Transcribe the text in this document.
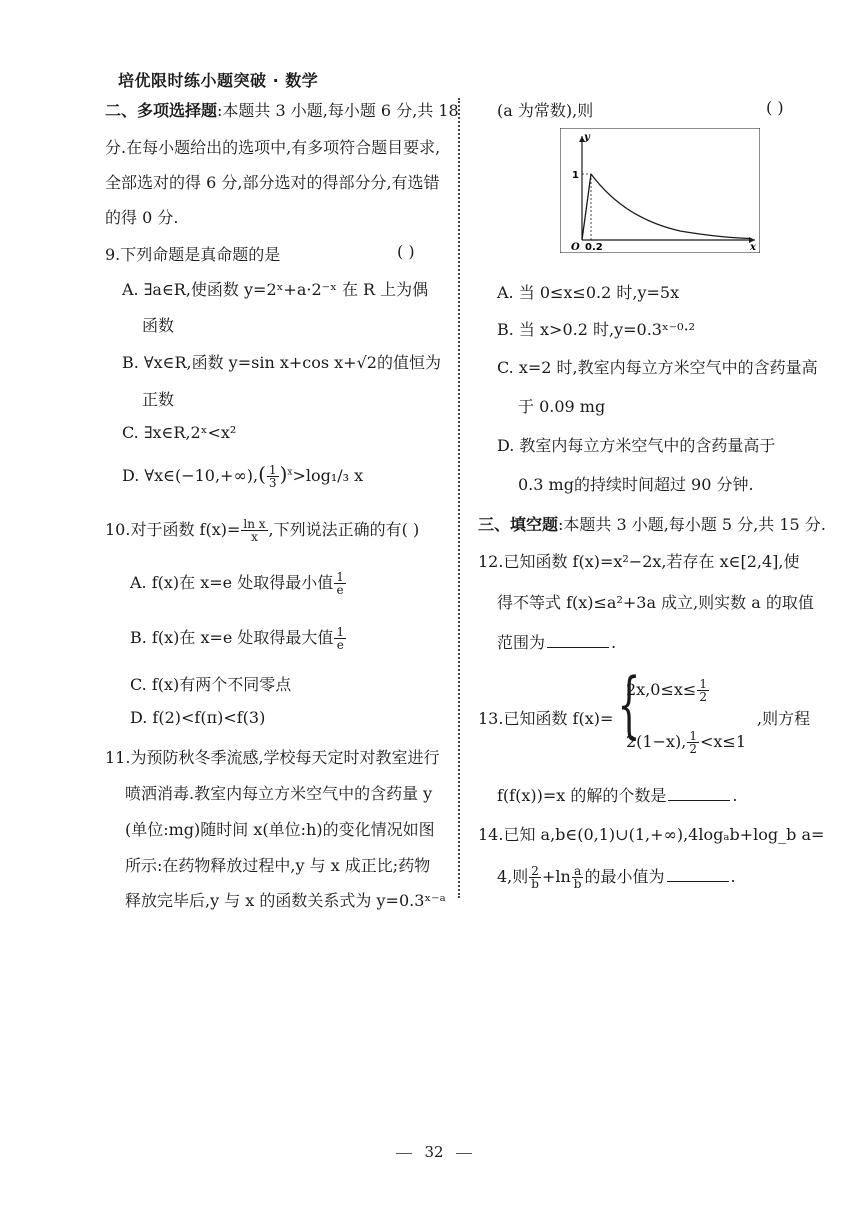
培优限时练小题突破 · 数学
二、多项选择题:本题共 3 小题,每小题 6 分,共 18
分.在每小题给出的选项中,有多项符合题目要求,
全部选对的得 6 分,部分选对的得部分分,有选错
的得 0 分.
9.下列命题是真命题的是	( )
A. ∃a∈R,使函数 y=2ˣ+a·2⁻ˣ 在 R 上为偶
函数
B. ∀x∈R,函数 y=sin x+cos x+√2的值恒为
正数
C. ∃x∈R,2ˣ<x²
D. ∀x∈(−10,+∞),( $\frac{1}{3} )^x>\log_1/_3$ x
10.对于函数 $f(x)= \frac{\text{ln x}}{x}$ ,下列说法正确的有( )
A. f(x)在 x=e 处取得最小值 $\frac{1}{e}$
B. f(x)在 x=e 处取得最大值 $\frac{1}{e}$
C. f(x)有两个不同零点
D. f(2)<f(π)<f(3)
11.为预防秋冬季流感,学校每天定时对教室进行
喷洒消毒.教室内每立方米空气中的含药量 y
(单位:mg)随时间 x(单位:h)的变化情况如图
所示:在药物释放过程中,y 与 x 成正比;药物
释放完毕后,y 与 x 的函数关系式为 y=0.3ˣ⁻ᵃ
(a 为常数),则	( )
y
x
O
1
0.2
A. 当 0≤x≤0.2 时,y=5x
B. 当 x>0.2 时,y=0.3ˣ⁻⁰·²
C. x=2 时,教室内每立方米空气中的含药量高
于 0.09 mg
D. 教室内每立方米空气中的含药量高于
0.3 mg的持续时间超过 90 分钟.
三、填空题:本题共 3 小题,每小题 5 分,共 15 分.
12.已知函数 f(x)=x²−2x,若存在 x∈[2,4],使
得不等式 f(x)≤a²+3a 成立,则实数 a 的取值
范围为	.
13.已知函数 f(x)= {
$2x,0\le x\le \frac{1}{2}$
2(1−x), $\frac{1}{2} <x\le 1$
,则方程
f(f(x))=x 的解的个数是	.
14.已知 a,b∈(0,1)∪(1,+∞),4logₐb+log_b a=
4,则 $\frac{2}{b} +\ln \frac{a}{b}$ 的最小值为	.
32
